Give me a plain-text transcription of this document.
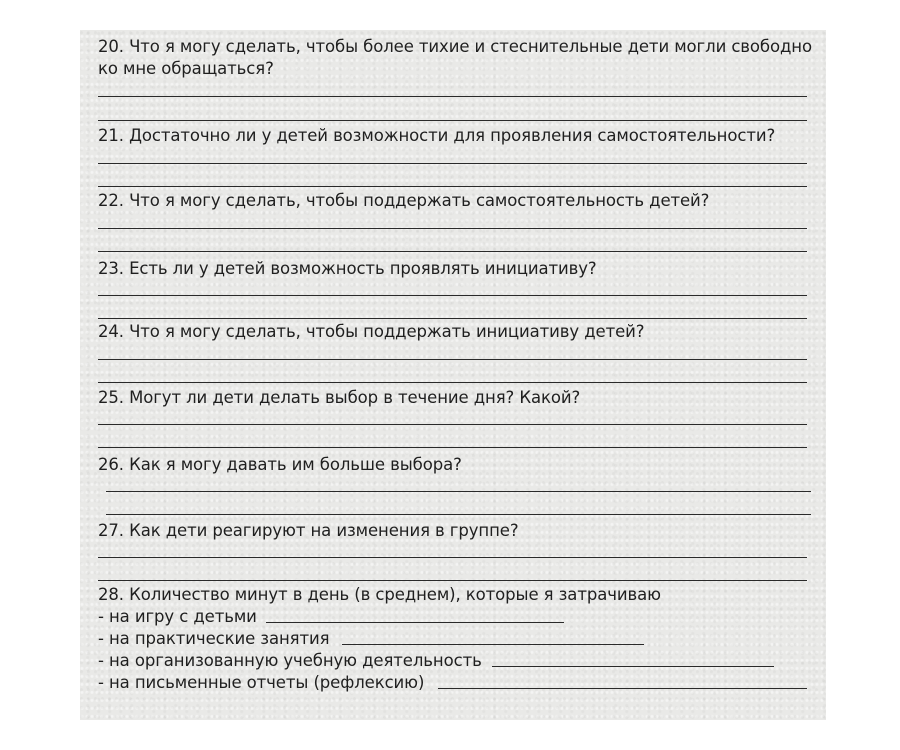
20. Что я могу сделать, чтобы более тихие и стеснительные дети могли свободно
ко мне обращаться?
21. Достаточно ли у детей возможности для проявления самостоятельности?
22. Что я могу сделать, чтобы поддержать самостоятельность детей?
23. Есть ли у детей возможность проявлять инициативу?
24. Что я могу сделать, чтобы поддержать инициативу детей?
25. Могут ли дети делать выбор в течение дня? Какой?
26. Как я могу давать им больше выбора?
27. Как дети реагируют на изменения в группе?
28. Количество минут в день (в среднем), которые я затрачиваю
- на игру с детьми
- на практические занятия
- на организованную учебную деятельность
- на письменные отчеты (рефлексию)
